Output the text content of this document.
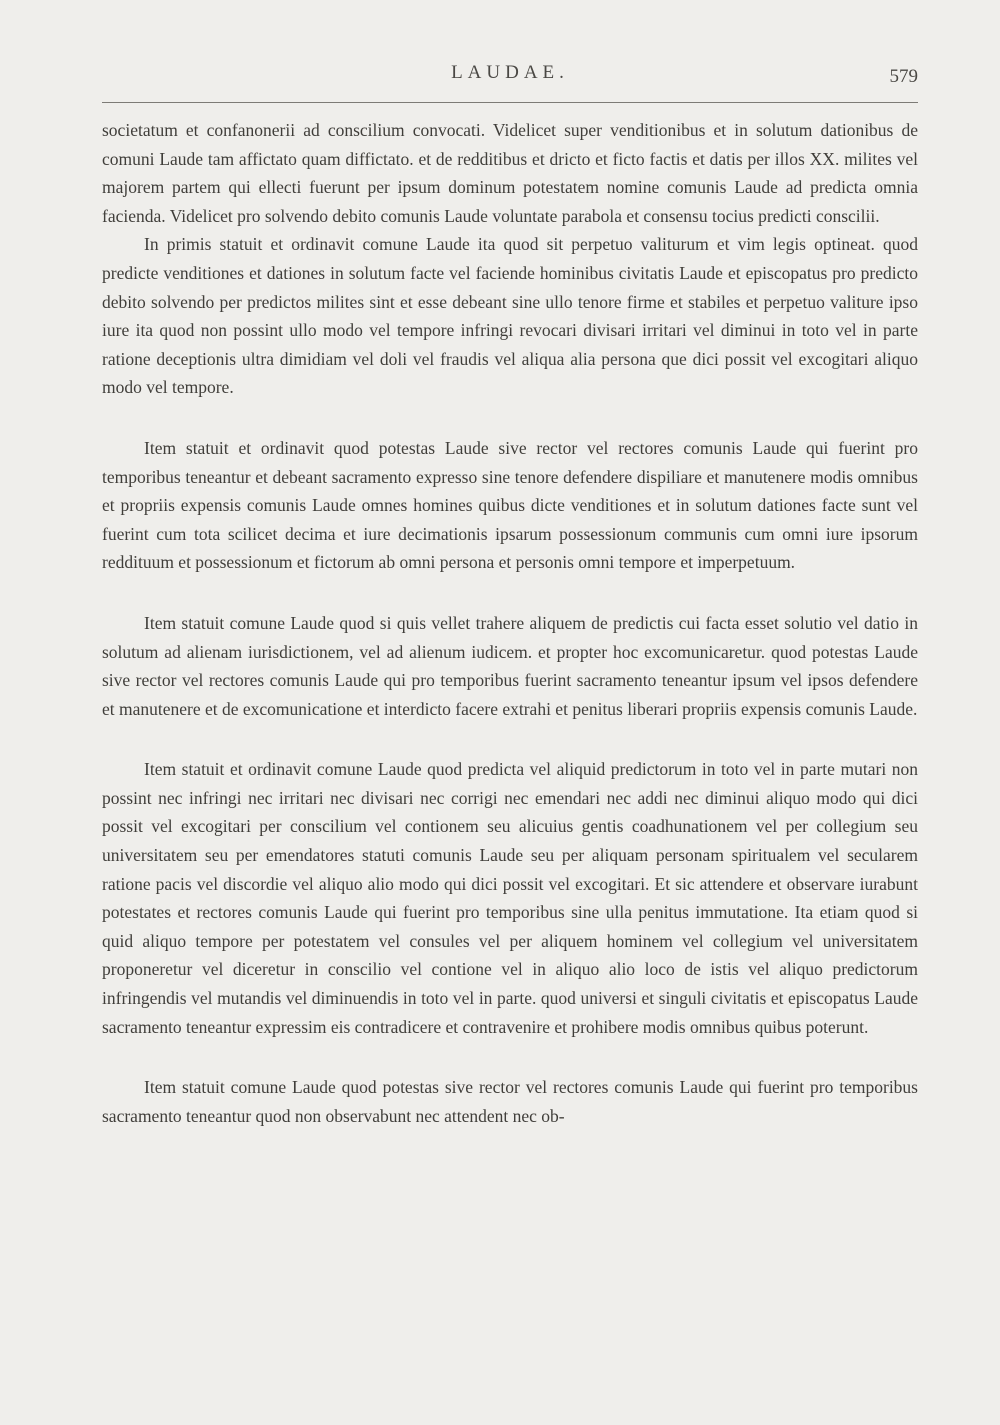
LAUDAE.	579

societatum et confanonerii ad conscilium convocati. Videlicet super venditionibus et in solutum dationibus de comuni Laude tam affictato quam diffictato. et de redditibus et dricto et ficto factis et datis per illos XX. milites vel majorem partem qui ellecti fuerunt per ipsum dominum potestatem nomine comunis Laude ad predicta omnia facienda. Videlicet pro solvendo debito comunis Laude voluntate parabola et consensu tocius predicti conscilii.

In primis statuit et ordinavit comune Laude ita quod sit perpetuo valiturum et vim legis optineat. quod predicte venditiones et dationes in solutum facte vel faciende hominibus civitatis Laude et episcopatus pro predicto debito solvendo per predictos milites sint et esse debeant sine ullo tenore firme et stabiles et perpetuo valiture ipso iure ita quod non possint ullo modo vel tempore infringi revocari divisari irritari vel diminui in toto vel in parte ratione deceptionis ultra dimidiam vel doli vel fraudis vel aliqua alia persona que dici possit vel excogitari aliquo modo vel tempore.

Item statuit et ordinavit quod potestas Laude sive rector vel rectores comunis Laude qui fuerint pro temporibus teneantur et debeant sacramento expresso sine tenore defendere dispiliare et manutenere modis omnibus et propriis expensis comunis Laude omnes homines quibus dicte venditiones et in solutum dationes facte sunt vel fuerint cum tota scilicet decima et iure decimationis ipsarum possessionum communis cum omni iure ipsorum reddituum et possessionum et fictorum ab omni persona et personis omni tempore et imperpetuum.

Item statuit comune Laude quod si quis vellet trahere aliquem de predictis cui facta esset solutio vel datio in solutum ad alienam iurisdictionem, vel ad alienum iudicem. et propter hoc excomunicaretur. quod potestas Laude sive rector vel rectores comunis Laude qui pro temporibus fuerint sacramento teneantur ipsum vel ipsos defendere et manutenere et de excomunicatione et interdicto facere extrahi et penitus liberari propriis expensis comunis Laude.

Item statuit et ordinavit comune Laude quod predicta vel aliquid predictorum in toto vel in parte mutari non possint nec infringi nec irritari nec divisari nec corrigi nec emendari nec addi nec diminui aliquo modo qui dici possit vel excogitari per conscilium vel contionem seu alicuius gentis coadhunationem vel per collegium seu universitatem seu per emendatores statuti comunis Laude seu per aliquam personam spiritualem vel secularem ratione pacis vel discordie vel aliquo alio modo qui dici possit vel excogitari. Et sic attendere et observare iurabunt potestates et rectores comunis Laude qui fuerint pro temporibus sine ulla penitus immutatione. Ita etiam quod si quid aliquo tempore per potestatem vel consules vel per aliquem hominem vel collegium vel universitatem proponeretur vel diceretur in conscilio vel contione vel in aliquo alio loco de istis vel aliquo predictorum infringendis vel mutandis vel diminuendis in toto vel in parte. quod universi et singuli civitatis et episcopatus Laude sacramento teneantur expressim eis contradicere et contravenire et prohibere modis omnibus quibus poterunt.

Item statuit comune Laude quod potestas sive rector vel rectores comunis Laude qui fuerint pro temporibus sacramento teneantur quod non observabunt nec attendent nec ob-
